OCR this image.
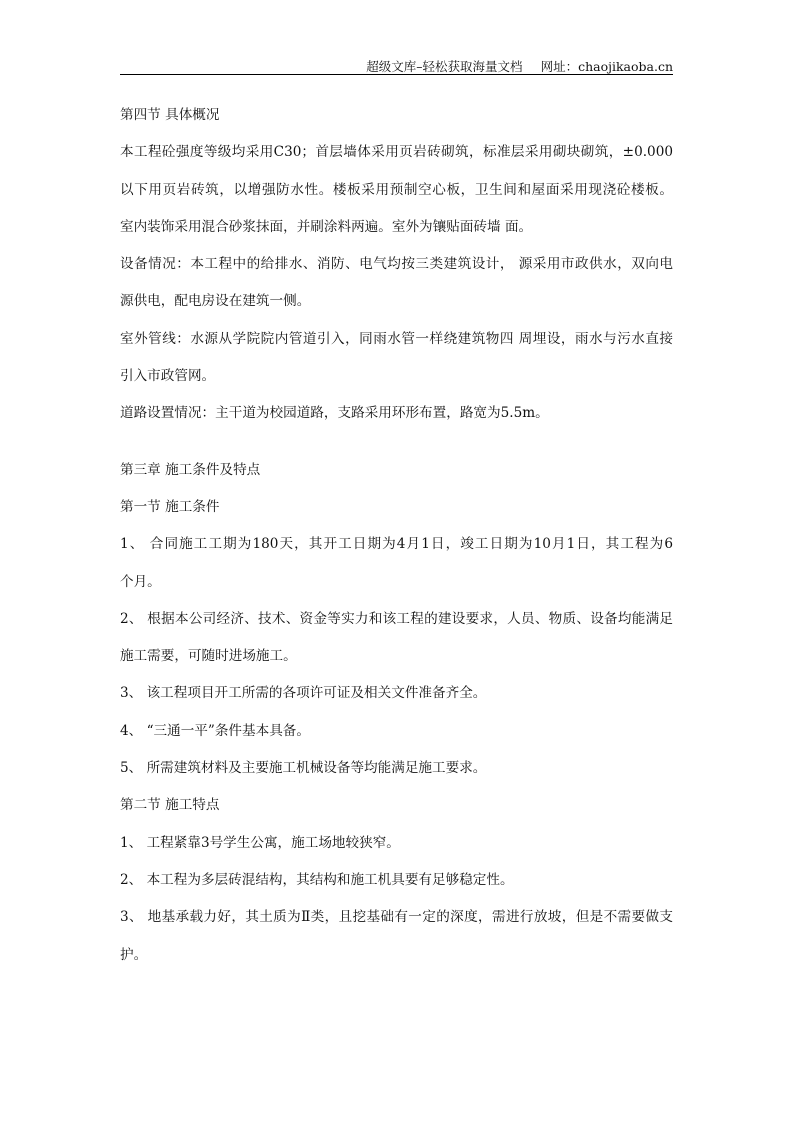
超级文库–轻松获取海量文档 网址：chaojikaoba.cn
第四节 具体概况
本工程砼强度等级均采用C30；首层墙体采用页岩砖砌筑，标准层采用砌块砌筑，±0.000
以下用页岩砖筑，以增强防水性。楼板采用预制空心板，卫生间和屋面采用现浇砼楼板。
室内装饰采用混合砂浆抹面，并刷涂料两遍。室外为镶贴面砖墙 面。
设备情况：本工程中的给排水、消防、电气均按三类建筑设计， 源采用市政供水，双向电
源供电，配电房设在建筑一侧。
室外管线：水源从学院院内管道引入，同雨水管一样绕建筑物四 周埋设，雨水与污水直接
引入市政管网。
道路设置情况：主干道为校园道路，支路采用环形布置，路宽为5.5m。
第三章 施工条件及特点
第一节 施工条件
1、 合同施工工期为180天，其开工日期为4月1日，竣工日期为10月1日，其工程为6
个月。
2、 根据本公司经济、技术、资金等实力和该工程的建设要求，人员、物质、设备均能满足
施工需要，可随时进场施工。
3、 该工程项目开工所需的各项许可证及相关文件准备齐全。
4、 “三通一平”条件基本具备。
5、 所需建筑材料及主要施工机械设备等均能满足施工要求。
第二节 施工特点
1、 工程紧靠3号学生公寓，施工场地较狭窄。
2、 本工程为多层砖混结构，其结构和施工机具要有足够稳定性。
3、 地基承载力好，其土质为Ⅱ类，且挖基础有一定的深度，需进行放坡，但是不需要做支
护。
